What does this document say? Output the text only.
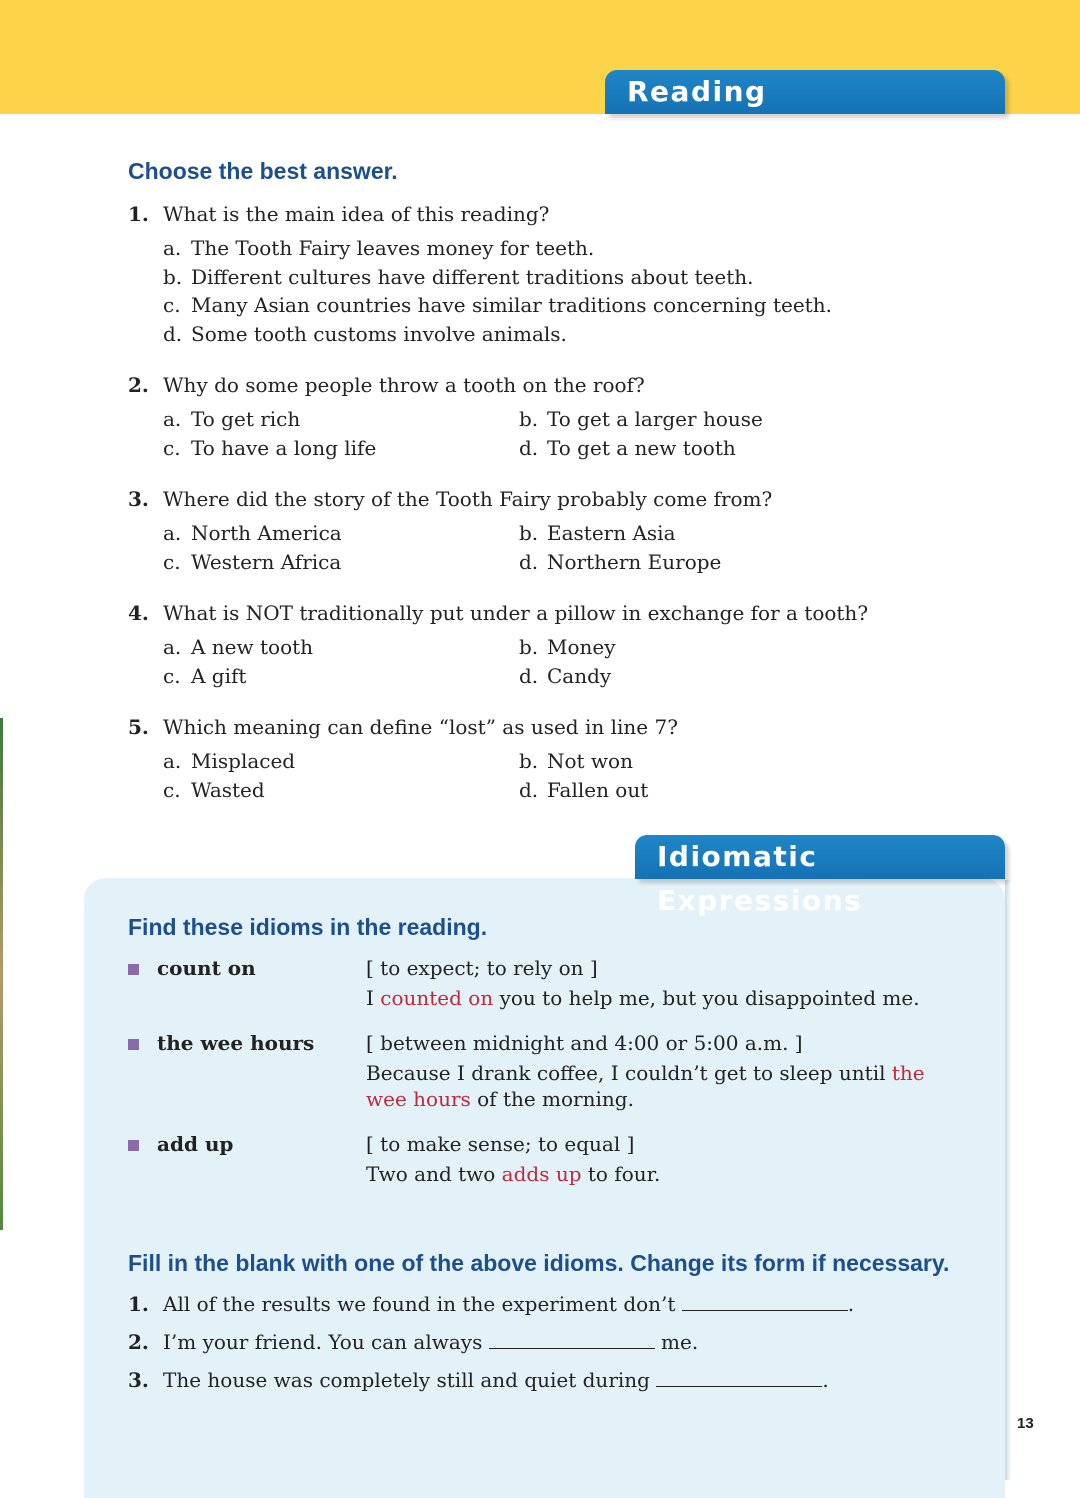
Reading Comprehension
Choose the best answer.
1. What is the main idea of this reading?
a. The Tooth Fairy leaves money for teeth.
b. Different cultures have different traditions about teeth.
c. Many Asian countries have similar traditions concerning teeth.
d. Some tooth customs involve animals.
2. Why do some people throw a tooth on the roof?
a. To get rich	b. To get a larger house
c. To have a long life	d. To get a new tooth
3. Where did the story of the Tooth Fairy probably come from?
a. North America	b. Eastern Asia
c. Western Africa	d. Northern Europe
4. What is NOT traditionally put under a pillow in exchange for a tooth?
a. A new tooth	b. Money
c. A gift	d. Candy
5. Which meaning can define “lost” as used in line 7?
a. Misplaced	b. Not won
c. Wasted	d. Fallen out
Idiomatic Expressions
Find these idioms in the reading.
count on	[ to expect; to rely on ]
I counted on you to help me, but you disappointed me.
the wee hours	[ between midnight and 4:00 or 5:00 a.m. ]
Because I drank coffee, I couldn’t get to sleep until the wee hours of the morning.
add up	[ to make sense; to equal ]
Two and two adds up to four.
Fill in the blank with one of the above idioms. Change its form if necessary.
1. All of the results we found in the experiment don’t	.
2. I’m your friend. You can always	me.
3. The house was completely still and quiet during	.
13
